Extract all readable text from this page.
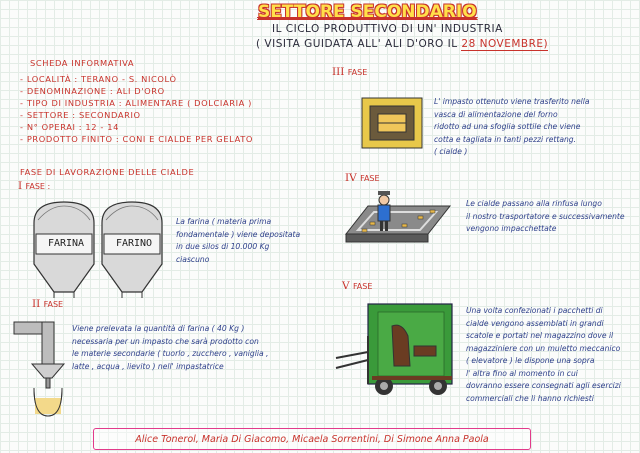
SETTORE SECONDARIO
IL CICLO PRODUTTIVO DI UN' INDUSTRIA
( VISITA GUIDATA ALL' ALI D'ORO IL 28 NOVEMBRE)
SCHEDA INFORMATIVA
- LOCALITÀ : TERANO - S. NICOLÒ
- DENOMINAZIONE : ALI D'ORO
- TIPO DI INDUSTRIA : ALIMENTARE ( DOLCIARIA )
- SETTORE : SECONDARIO
- N° OPERAI : 12 - 14
- PRODOTTO FINITO : CONI E CIALDE PER GELATO
FASE DI LAVORAZIONE DELLE CIALDE
I FASE :
FARINA	FARINO
La farina ( materia prima
fondamentale ) viene depositata
in due silos di 10.000 Kg
ciascuno
II FASE
Viene prelevata la quantità di farina ( 40 Kg )
necessaria per un impasto che sarà prodotto con
le materie secondarie ( tuorlo , zucchero , vaniglia ,
latte , acqua , lievito ) nell' impastatrice
III FASE
L' impasto ottenuto viene trasferito nella
vasca di alimentazione del forno
ridotto ad una sfoglia sottile che viene
cotta e tagliata in tanti pezzi rettang.
( cialde )
IV FASE
Le cialde passano alla rinfusa lungo
il nostro trasportatore e successivamente
vengono impacchettate
V FASE
Una volta confezionati i pacchetti di
cialde vengono assemblati in grandi
scatole e portati nel magazzino dove il
magazziniere con un muletto meccanico
( elevatore ) le dispone una sopra
l' altra fino al momento in cui
dovranno essere consegnati agli esercizi
commerciali che li hanno richiesti
Alice Tonerol, Maria Di Giacomo, Micaela Sorrentini, Di Simone Anna Paola
